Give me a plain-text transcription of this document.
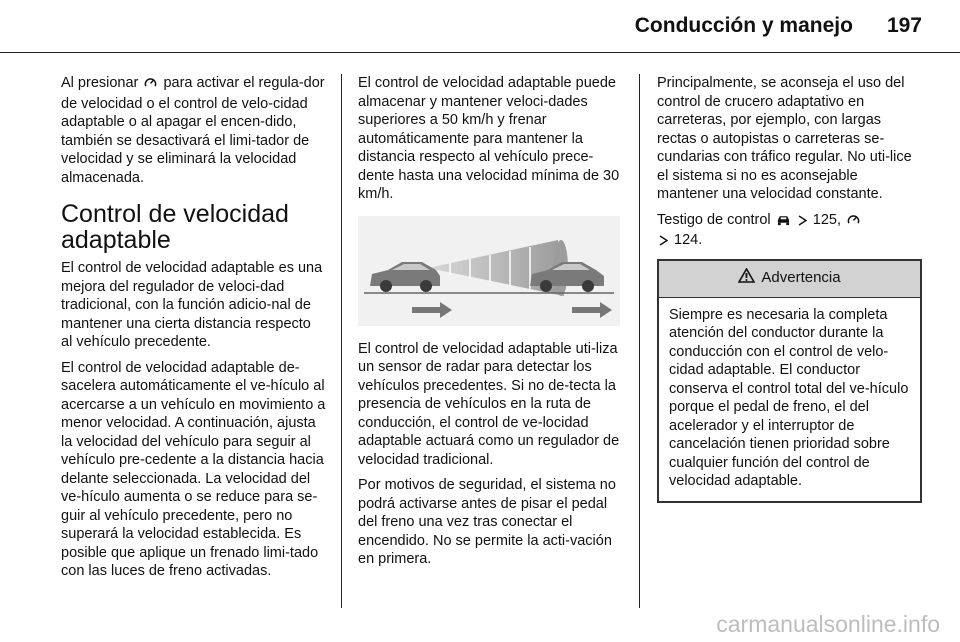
Conducción y manejo 197

Al presionar para activar el regula-dor de velocidad o el control de velo-cidad adaptable o al apagar el encen-dido, también se desactivará el limi-tador de velocidad y se eliminará la velocidad almacenada.

Control de velocidad adaptable

El control de velocidad adaptable es una mejora del regulador de veloci-dad tradicional, con la función adicio-nal de mantener una cierta distancia respecto al vehículo precedente.

El control de velocidad adaptable de-sacelera automáticamente el ve-hículo al acercarse a un vehículo en movimiento a menor velocidad. A continuación, ajusta la velocidad del vehículo para seguir al vehículo pre-cedente a la distancia hacia delante seleccionada. La velocidad del ve-hículo aumenta o se reduce para se-guir al vehículo precedente, pero no superará la velocidad establecida. Es posible que aplique un frenado limi-tado con las luces de freno activadas.

El control de velocidad adaptable puede almacenar y mantener veloci-dades superiores a 50 km/h y frenar automáticamente para mantener la distancia respecto al vehículo prece-dente hasta una velocidad mínima de 30 km/h.

El control de velocidad adaptable uti-liza un sensor de radar para detectar los vehículos precedentes. Si no de-tecta la presencia de vehículos en la ruta de conducción, el control de ve-locidad adaptable actuará como un regulador de velocidad tradicional.

Por motivos de seguridad, el sistema no podrá activarse antes de pisar el pedal del freno una vez tras conectar el encendido. No se permite la acti-vación en primera.

Principalmente, se aconseja el uso del control de crucero adaptativo en carreteras, por ejemplo, con largas rectas o autopistas o carreteras se-cundarias con tráfico regular. No uti-lice el sistema si no es aconsejable mantener una velocidad constante.

Testigo de control	125,
124.

Advertencia
Siempre es necesaria la completa atención del conductor durante la conducción con el control de velo-cidad adaptable. El conductor conserva el control total del ve-hículo porque el pedal de freno, el del acelerador y el interruptor de cancelación tienen prioridad sobre cualquier función del control de velocidad adaptable.
carmanualsonline.info
